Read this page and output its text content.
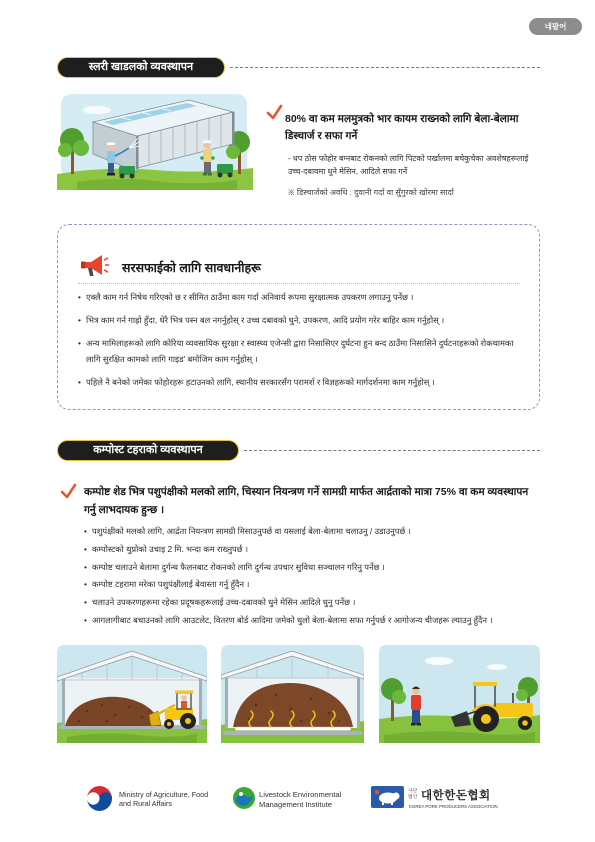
네팔어
स्लरी खाडलको व्यवस्थापन
80% वा कम मलमुत्रको भार कायम राख्नको लागि बेला-बेलामा डिस्चार्ज र सफा गर्ने
- धप ठोस फोहोर बग्नबाट रोकनको लागि पिटको पर्खालमा बचेकुचेका अवशेषहरूलाई उच्च-दबावमा धुने मेसिन, आदिले सफा गर्ने
※ डिस्चार्जको अवधि : दुवानी गर्दा वा सुँगुरको खोरमा सार्दा
सरसफाईको लागि सावधानीहरू
• एक्लै काम गर्न निषेध गरिएको छ र सीमित ठाउँमा काम गर्दा अनिवार्य रूपमा सुरक्षात्मक उपकरण लगाउनु पर्नेछ ।
• भित्र काम गर्न गाह्रो हुँदा, धेरै भित्र पस्न बल नगर्नुहोस् र उच्च दबावको धुने, उपकरण, आदि प्रयोग गरेर बाहिर काम गर्नुहोस् ।
• अन्य मामिलाहरूको लागि कोरिया व्यवसायिक सुरक्षा र स्वास्थ्य एजेन्सी द्वारा निसासिएर दुर्घटना हुन बन्द ठाउँमा निसासिने दुर्घटनाहरूको रोकथामका लागि सुरक्षित कामको लागि गाइड' बमोजिम काम गर्नुहोस् ।
• पहिले नै बनेको जमेका फोहोरहरू हटाउनको लागि, स्थानीय सरकारसँग परामर्श र विज्ञहरूको मार्गदर्शनमा काम गर्नुहोस् ।
कम्पोस्ट टहराको व्यवस्थापन
कम्पोष्ट शेड भित्र पशुपंक्षीको मलको लागि, चिस्यान नियन्त्रण गर्ने सामग्री मार्फत आर्द्रताको मात्रा 75% वा कम व्यवस्थापन गर्नु लाभदायक हुन्छ ।
• पशुपंक्षीको मलको लागि, आर्द्रता नियन्त्रण सामग्री मिसाउनुपर्छ वा यसलाई बेला-बेलामा चलाउनु / उडाउनुपर्छ ।
• कम्पोस्टको थुप्रोको उचाइ 2 मि. भन्दा कम राख्नुपर्छ ।
• कम्पोष्ट चलाउने बेलामा दुर्गन्ध फैलनबाट रोकनको लागि दुर्गन्ध उपचार सुविधा सञ्चालन गरिनु पर्नेछ ।
• कम्पोष्ट टहरामा मरेका पशुपंक्षीलाई बेवास्ता गर्नु हुँदैन ।
• चलाउने उपकरणहरूमा रहेका प्रदूषकहरूलाई उच्च-दबावको धुने मेसिन आदिले धुनु पर्नेछ ।
• आगलागीबाट बचाउनको लागि आउटलेट, वितरण बोर्ड आदिमा जमेको धुलो बेला-बेलामा सफा गर्नुपर्छ र आगोजन्य चीजहरू ल्याउनु हुँदैन ।
Ministry of Agriculture, Food
and Rural Affairs
Livestock Environmental
Management Institute
사단
법인 대한한돈협회
KOREA PORK PRODUCERS ASSOCIATION
